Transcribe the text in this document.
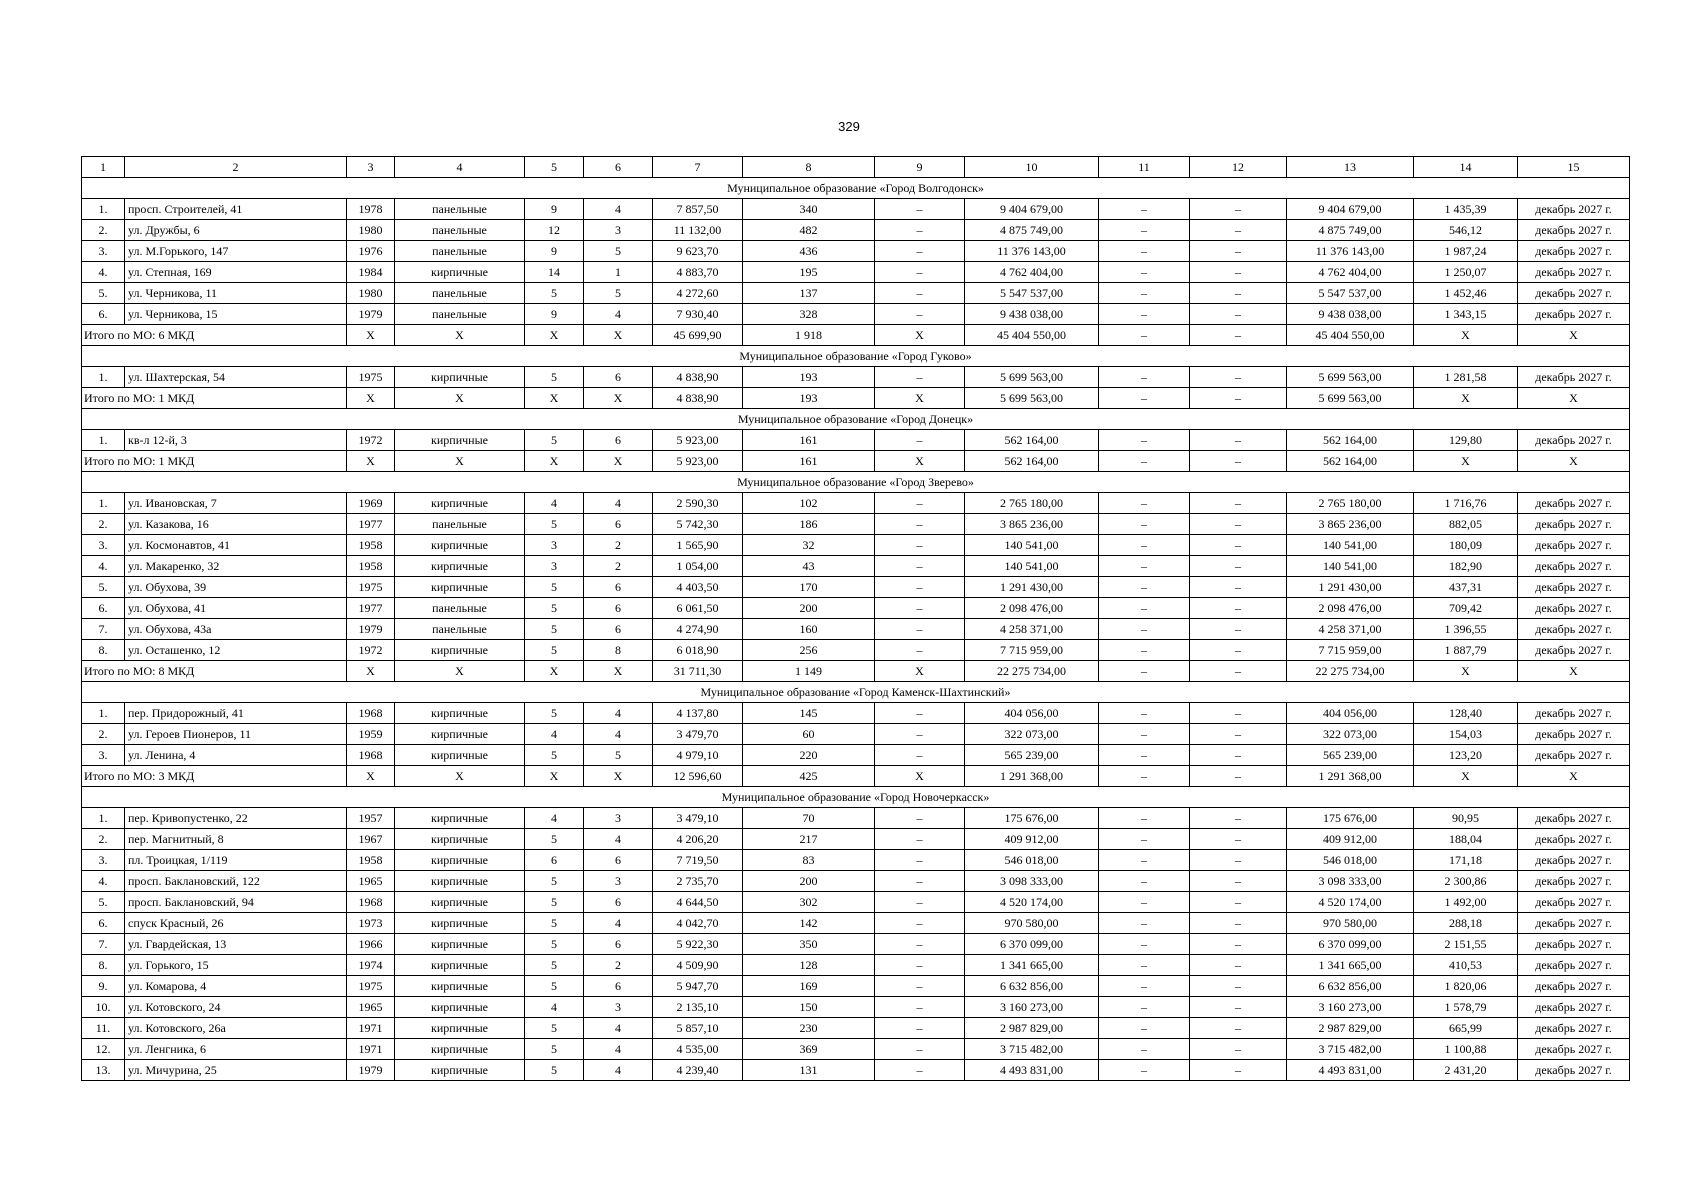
329
1	2	3	4	5	6	7	8	9	10	11	12	13	14	15
Муниципальное образование «Город Волгодонск»														
1.	просп. Строителей, 41	1978	панельные	9	4	7 857,50	340	–	9 404 679,00	–	–	9 404 679,00	1 435,39	декабрь 2027 г.
2.	ул. Дружбы, 6	1980	панельные	12	3	11 132,00	482	–	4 875 749,00	–	–	4 875 749,00	546,12	декабрь 2027 г.
3.	ул. М.Горького, 147	1976	панельные	9	5	9 623,70	436	–	11 376 143,00	–	–	11 376 143,00	1 987,24	декабрь 2027 г.
4.	ул. Степная, 169	1984	кирпичные	14	1	4 883,70	195	–	4 762 404,00	–	–	4 762 404,00	1 250,07	декабрь 2027 г.
5.	ул. Черникова, 11	1980	панельные	5	5	4 272,60	137	–	5 547 537,00	–	–	5 547 537,00	1 452,46	декабрь 2027 г.
6.	ул. Черникова, 15	1979	панельные	9	4	7 930,40	328	–	9 438 038,00	–	–	9 438 038,00	1 343,15	декабрь 2027 г.
Итого по МО: 6 МКД		X	X	X	X	45 699,90	1 918	X	45 404 550,00	–	–	45 404 550,00	X	X
Муниципальное образование «Город Гуково»														
1.	ул. Шахтерская, 54	1975	кирпичные	5	6	4 838,90	193	–	5 699 563,00	–	–	5 699 563,00	1 281,58	декабрь 2027 г.
Итого по МО: 1 МКД		X	X	X	X	4 838,90	193	X	5 699 563,00	–	–	5 699 563,00	X	X
Муниципальное образование «Город Донецк»														
1.	кв-л 12-й, 3	1972	кирпичные	5	6	5 923,00	161	–	562 164,00	–	–	562 164,00	129,80	декабрь 2027 г.
Итого по МО: 1 МКД		X	X	X	X	5 923,00	161	X	562 164,00	–	–	562 164,00	X	X
Муниципальное образование «Город Зверево»														
1.	ул. Ивановская, 7	1969	кирпичные	4	4	2 590,30	102	–	2 765 180,00	–	–	2 765 180,00	1 716,76	декабрь 2027 г.
2.	ул. Казакова, 16	1977	панельные	5	6	5 742,30	186	–	3 865 236,00	–	–	3 865 236,00	882,05	декабрь 2027 г.
3.	ул. Космонавтов, 41	1958	кирпичные	3	2	1 565,90	32	–	140 541,00	–	–	140 541,00	180,09	декабрь 2027 г.
4.	ул. Макаренко, 32	1958	кирпичные	3	2	1 054,00	43	–	140 541,00	–	–	140 541,00	182,90	декабрь 2027 г.
5.	ул. Обухова, 39	1975	кирпичные	5	6	4 403,50	170	–	1 291 430,00	–	–	1 291 430,00	437,31	декабрь 2027 г.
6.	ул. Обухова, 41	1977	панельные	5	6	6 061,50	200	–	2 098 476,00	–	–	2 098 476,00	709,42	декабрь 2027 г.
7.	ул. Обухова, 43а	1979	панельные	5	6	4 274,90	160	–	4 258 371,00	–	–	4 258 371,00	1 396,55	декабрь 2027 г.
8.	ул. Осташенко, 12	1972	кирпичные	5	8	6 018,90	256	–	7 715 959,00	–	–	7 715 959,00	1 887,79	декабрь 2027 г.
Итого по МО: 8 МКД		X	X	X	X	31 711,30	1 149	X	22 275 734,00	–	–	22 275 734,00	X	X
Муниципальное образование «Город Каменск-Шахтинский»														
1.	пер. Придорожный, 41	1968	кирпичные	5	4	4 137,80	145	–	404 056,00	–	–	404 056,00	128,40	декабрь 2027 г.
2.	ул. Героев Пионеров, 11	1959	кирпичные	4	4	3 479,70	60	–	322 073,00	–	–	322 073,00	154,03	декабрь 2027 г.
3.	ул. Ленина, 4	1968	кирпичные	5	5	4 979,10	220	–	565 239,00	–	–	565 239,00	123,20	декабрь 2027 г.
Итого по МО: 3 МКД		X	X	X	X	12 596,60	425	X	1 291 368,00	–	–	1 291 368,00	X	X
Муниципальное образование «Город Новочеркасск»														
1.	пер. Кривопустенко, 22	1957	кирпичные	4	3	3 479,10	70	–	175 676,00	–	–	175 676,00	90,95	декабрь 2027 г.
2.	пер. Магнитный, 8	1967	кирпичные	5	4	4 206,20	217	–	409 912,00	–	–	409 912,00	188,04	декабрь 2027 г.
3.	пл. Троицкая, 1/119	1958	кирпичные	6	6	7 719,50	83	–	546 018,00	–	–	546 018,00	171,18	декабрь 2027 г.
4.	просп. Баклановский, 122	1965	кирпичные	5	3	2 735,70	200	–	3 098 333,00	–	–	3 098 333,00	2 300,86	декабрь 2027 г.
5.	просп. Баклановский, 94	1968	кирпичные	5	6	4 644,50	302	–	4 520 174,00	–	–	4 520 174,00	1 492,00	декабрь 2027 г.
6.	спуск Красный, 26	1973	кирпичные	5	4	4 042,70	142	–	970 580,00	–	–	970 580,00	288,18	декабрь 2027 г.
7.	ул. Гвардейская, 13	1966	кирпичные	5	6	5 922,30	350	–	6 370 099,00	–	–	6 370 099,00	2 151,55	декабрь 2027 г.
8.	ул. Горького, 15	1974	кирпичные	5	2	4 509,90	128	–	1 341 665,00	–	–	1 341 665,00	410,53	декабрь 2027 г.
9.	ул. Комарова, 4	1975	кирпичные	5	6	5 947,70	169	–	6 632 856,00	–	–	6 632 856,00	1 820,06	декабрь 2027 г.
10.	ул. Котовского, 24	1965	кирпичные	4	3	2 135,10	150	–	3 160 273,00	–	–	3 160 273,00	1 578,79	декабрь 2027 г.
11.	ул. Котовского, 26а	1971	кирпичные	5	4	5 857,10	230	–	2 987 829,00	–	–	2 987 829,00	665,99	декабрь 2027 г.
12.	ул. Ленгника, 6	1971	кирпичные	5	4	4 535,00	369	–	3 715 482,00	–	–	3 715 482,00	1 100,88	декабрь 2027 г.
13.	ул. Мичурина, 25	1979	кирпичные	5	4	4 239,40	131	–	4 493 831,00	–	–	4 493 831,00	2 431,20	декабрь 2027 г.
